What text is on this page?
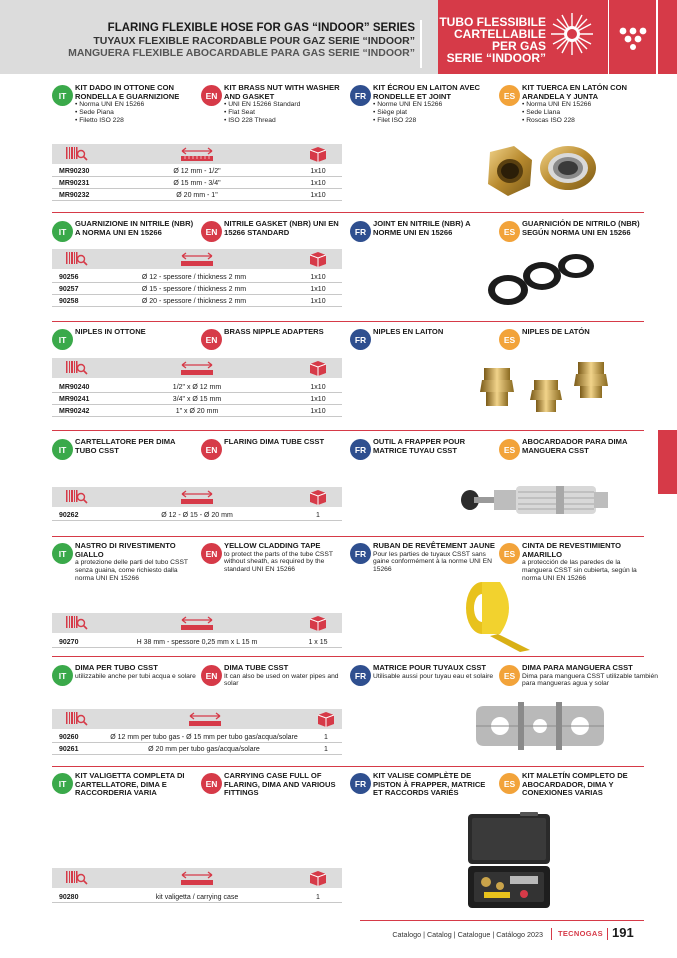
FLARING FLEXIBLE HOSE FOR GAS “INDOOR” SERIES
TUYAUX FLEXIBLE RACORDABLE POUR GAZ SERIE “INDOOR”
MANGUERA FLEXIBLE ABOCARDABLE PARA GAS SERIE “INDOOR”
TUBO FLESSIBILE
CARTELLABILE
PER GAS
SERIE “INDOOR”
IT
KIT DADO IN OTTONE CON RONDELLA E GUARNIZIONE
• Norma UNI EN 15266
• Sede Piana
• Filetto ISO 228
EN
KIT BRASS NUT WITH WASHER AND GASKET
• UNI EN 15266 Standard
• Flat Seat
• ISO 228 Thread
FR
KIT ÉCROU EN LAITON AVEC RONDELLE ET JOINT
• Norme UNI EN 15266
• Siège plat
• Filet ISO 228
ES
KIT TUERCA EN LATÓN CON ARANDELA Y JUNTA
• Norma UNI EN 15266
• Sede Llana
• Roscas ISO 228
MR90230	Ø 12 mm - 1/2"	1x10
MR90231	Ø 15 mm - 3/4"	1x10
MR90232	Ø 20 mm - 1"	1x10
IT
GUARNIZIONE IN NITRILE (NBR) A NORMA UNI EN 15266	EN
NITRILE GASKET (NBR) UNI EN 15266 STANDARD	FR
JOINT EN NITRILE (NBR) A NORME UNI EN 15266	ES
GUARNICIÓN DE NITRILO (NBR) SEGÚN NORMA UNI EN 15266
90256	Ø 12 - spessore / thickness 2 mm	1x10
90257	Ø 15 - spessore / thickness 2 mm	1x10
90258	Ø 20 - spessore / thickness 2 mm	1x10
IT
NIPLES IN OTTONE
EN
BRASS NIPPLE ADAPTERS
FR
NIPLES EN LAITON
ES
NIPLES DE LATÓN
MR90240	1/2" x Ø 12 mm	1x10
MR90241	3/4" x Ø 15 mm	1x10
MR90242	1" x Ø 20 mm	1x10
IT
CARTELLATORE PER DIMA TUBO CSST	EN
FLARING DIMA TUBE CSST
FR
OUTIL A FRAPPER POUR MATRICE TUYAU CSST	ES
ABOCARDADOR PARA DIMA MANGUERA CSST
90262	Ø 12 - Ø 15 - Ø 20 mm	1
IT
NASTRO DI RIVESTIMENTO GIALLO
a protezione delle parti del tubo CSST senza guaina, come richiesto dalla norma UNI EN 15266
EN
YELLOW CLADDING TAPE
to protect the parts of the tube CSST without sheath, as required by the standard UNI EN 15266
FR
RUBAN DE REVÊTEMENT JAUNE
Pour les parties de tuyaux CSST sans gaine conformément à la norme UNI EN 15266
ES
CINTA DE REVESTIMIENTO AMARILLO
a protección de las paredes de la manguera CSST sin cubierta, según la norma UNI EN 15266
90270	H 38 mm - spessore 0,25 mm x L 15 m	1 x 15
IT
DIMA PER TUBO CSST
utilizzabile anche per tubi acqua e solare	EN
DIMA TUBE CSST
It can also be used on water pipes and solar
FR
MATRICE POUR TUYAUX CSST
Utilisable aussi pour tuyau eau et solaire	ES
DIMA PARA MANGUERA CSST
Dima para manguera CSST utilizable también para mangueras agua y solar
90260	Ø 12 mm per tubo gas - Ø 15 mm per tubo gas/acqua/solare	1
90261	Ø 20 mm per tubo gas/acqua/solare	1
IT
KIT VALIGETTA COMPLETA DI CARTELLATORE, DIMA E RACCORDERIA VARIA
EN
CARRYING CASE FULL OF FLARING, DIMA AND VARIOUS FITTINGS
FR
KIT VALISE COMPLÈTE DE PISTON À FRAPPER, MATRICE ET RACCORDS VARIÉS
ES
KIT MALETÍN COMPLETO DE ABOCARDADOR, DIMA Y CONEXIONES VARIAS
90280	kit valigetta / carrying case	1
Catalogo | Catalog | Catalogue | Catálogo 2023 TECNOGAS 191
